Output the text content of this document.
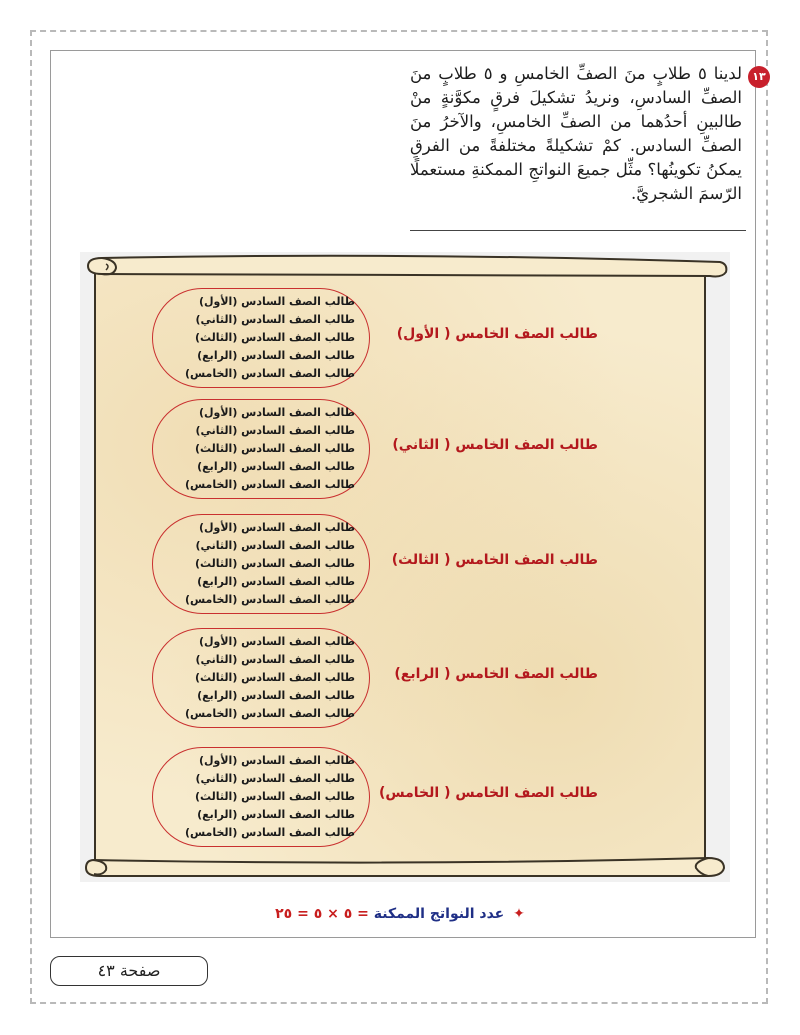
١٣
لدينا ٥ طلابٍ منَ الصفِّ الخامسِ و ٥ طلابٍ منَ الصفِّ السادسِ، ونريدُ تشكيلَ فرقٍ مكوَّنةٍ منْ طالبينِ أحدُهما من الصفِّ الخامسِ، والآخرُ منَ الصفِّ السادس. كمْ تشكيلةً مختلفةً من الفرقِ يمكنُ تكوينُها؟ مثِّل جميعَ النواتجِ الممكنةِ مستعملًا الرّسمَ الشجريَّ.
طالب الصف السادس (الأول)
طالب الصف السادس (الثاني)
طالب الصف السادس (الثالث)
طالب الصف السادس (الرابع)
طالب الصف السادس (الخامس)
طالب الصف الخامس ( الأول)
طالب الصف السادس (الأول)
طالب الصف السادس (الثاني)
طالب الصف السادس (الثالث)
طالب الصف السادس (الرابع)
طالب الصف السادس (الخامس)
طالب الصف الخامس ( الثاني)
طالب الصف السادس (الأول)
طالب الصف السادس (الثاني)
طالب الصف السادس (الثالث)
طالب الصف السادس (الرابع)
طالب الصف السادس (الخامس)
طالب الصف الخامس ( الثالث)
طالب الصف السادس (الأول)
طالب الصف السادس (الثاني)
طالب الصف السادس (الثالث)
طالب الصف السادس (الرابع)
طالب الصف السادس (الخامس)
طالب الصف الخامس ( الرابع)
طالب الصف السادس (الأول)
طالب الصف السادس (الثاني)
طالب الصف السادس (الثالث)
طالب الصف السادس (الرابع)
طالب الصف السادس (الخامس)
طالب الصف الخامس ( الخامس)
✦ عدد النواتج الممكنة = ٥ × ٥ = ٢٥
صفحة ٤٣
